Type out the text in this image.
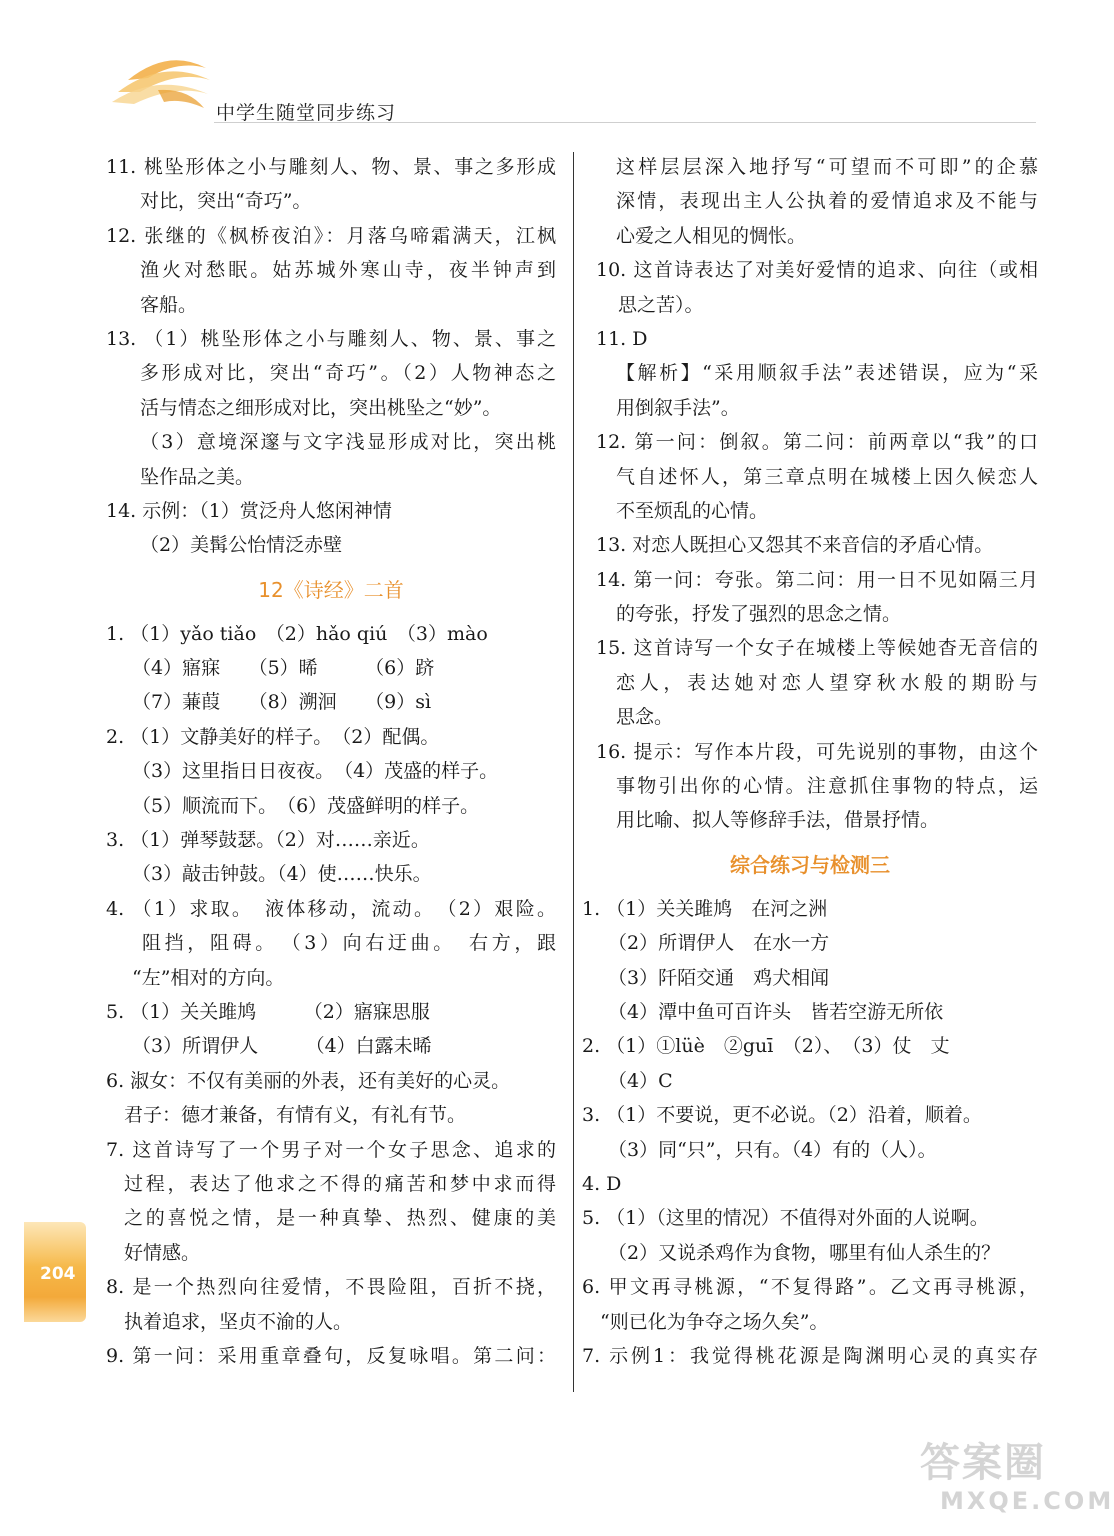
中学生随堂同步练习
11. 桃坠形体之小与雕刻人、物、景、事之多形成
对比，突出“奇巧”。
12. 张继的《枫桥夜泊》：月落乌啼霜满天，江枫
渔火对愁眠。姑苏城外寒山寺，夜半钟声到
客船。
13. （1）桃坠形体之小与雕刻人、物、景、事之
多形成对比，突出“奇巧”。（2）人物神态之
活与情态之细形成对比，突出桃坠之“妙”。
（3）意境深邃与文字浅显形成对比，突出桃
坠作品之美。
14. 示例：（1）赏泛舟人悠闲神情
（2）美髯公怡情泛赤壁
12《诗经》二首
1. （1）yǎo tiǎo　（2）hǎo qiú　（3）mào
（4）寤寐　　（5）晞　　　（6）跻
（7）蒹葭　　（8）溯洄　　（9）sì
2. （1）文静美好的样子。　（2）配偶。
（3）这里指日日夜夜。　（4）茂盛的样子。
（5）顺流而下。　（6）茂盛鲜明的样子。
3. （1）弹琴鼓瑟。（2）对……亲近。
（3）敲击钟鼓。（4）使……快乐。
4. （1）求取。　液体移动，流动。　（2）艰险。
阻挡，阻碍。　（3）向右迂曲。　右方，跟
“左”相对的方向。
5. （1）关关雎鸠　　　（2）寤寐思服
（3）所谓伊人　　　（4）白露未晞
6. 淑女：不仅有美丽的外表，还有美好的心灵。
君子：德才兼备，有情有义，有礼有节。
7. 这首诗写了一个男子对一个女子思念、追求的
过程，表达了他求之不得的痛苦和梦中求而得
之的喜悦之情，是一种真挚、热烈、健康的美
好情感。
8. 是一个热烈向往爱情，不畏险阻，百折不挠，
执着追求，坚贞不渝的人。
9. 第一问：采用重章叠句，反复咏唱。第二问：
这样层层深入地抒写“可望而不可即”的企慕
深情，表现出主人公执着的爱情追求及不能与
心爱之人相见的惆怅。
10. 这首诗表达了对美好爱情的追求、向往（或相
思之苦）。
11. D
【解析】“采用顺叙手法”表述错误，应为“采
用倒叙手法”。
12. 第一问：倒叙。第二问：前两章以“我”的口
气自述怀人，第三章点明在城楼上因久候恋人
不至烦乱的心情。
13. 对恋人既担心又怨其不来音信的矛盾心情。
14. 第一问：夸张。第二问：用一日不见如隔三月
的夸张，抒发了强烈的思念之情。
15. 这首诗写一个女子在城楼上等候她杳无音信的
恋人，表达她对恋人望穿秋水般的期盼与
思念。
16. 提示：写作本片段，可先说别的事物，由这个
事物引出你的心情。注意抓住事物的特点，运
用比喻、拟人等修辞手法，借景抒情。
综合练习与检测三
1. （1）关关雎鸠　在河之洲
（2）所谓伊人　在水一方
（3）阡陌交通　鸡犬相闻
（4）潭中鱼可百许头　皆若空游无所依
2. （1）①lüè　②guī　（2）、　（3）仗　丈
（4）C
3. （1）不要说，更不必说。（2）沿着，顺着。
（3）同“只”，只有。（4）有的（人）。
4. D
5. （1）（这里的情况）不值得对外面的人说啊。
（2）又说杀鸡作为食物，哪里有仙人杀生的？
6. 甲文再寻桃源，“不复得路”。乙文再寻桃源，
“则已化为争夺之场久矣”。
7. 示例1：我觉得桃花源是陶渊明心灵的真实存
204
答案圈
MXQE.COM
